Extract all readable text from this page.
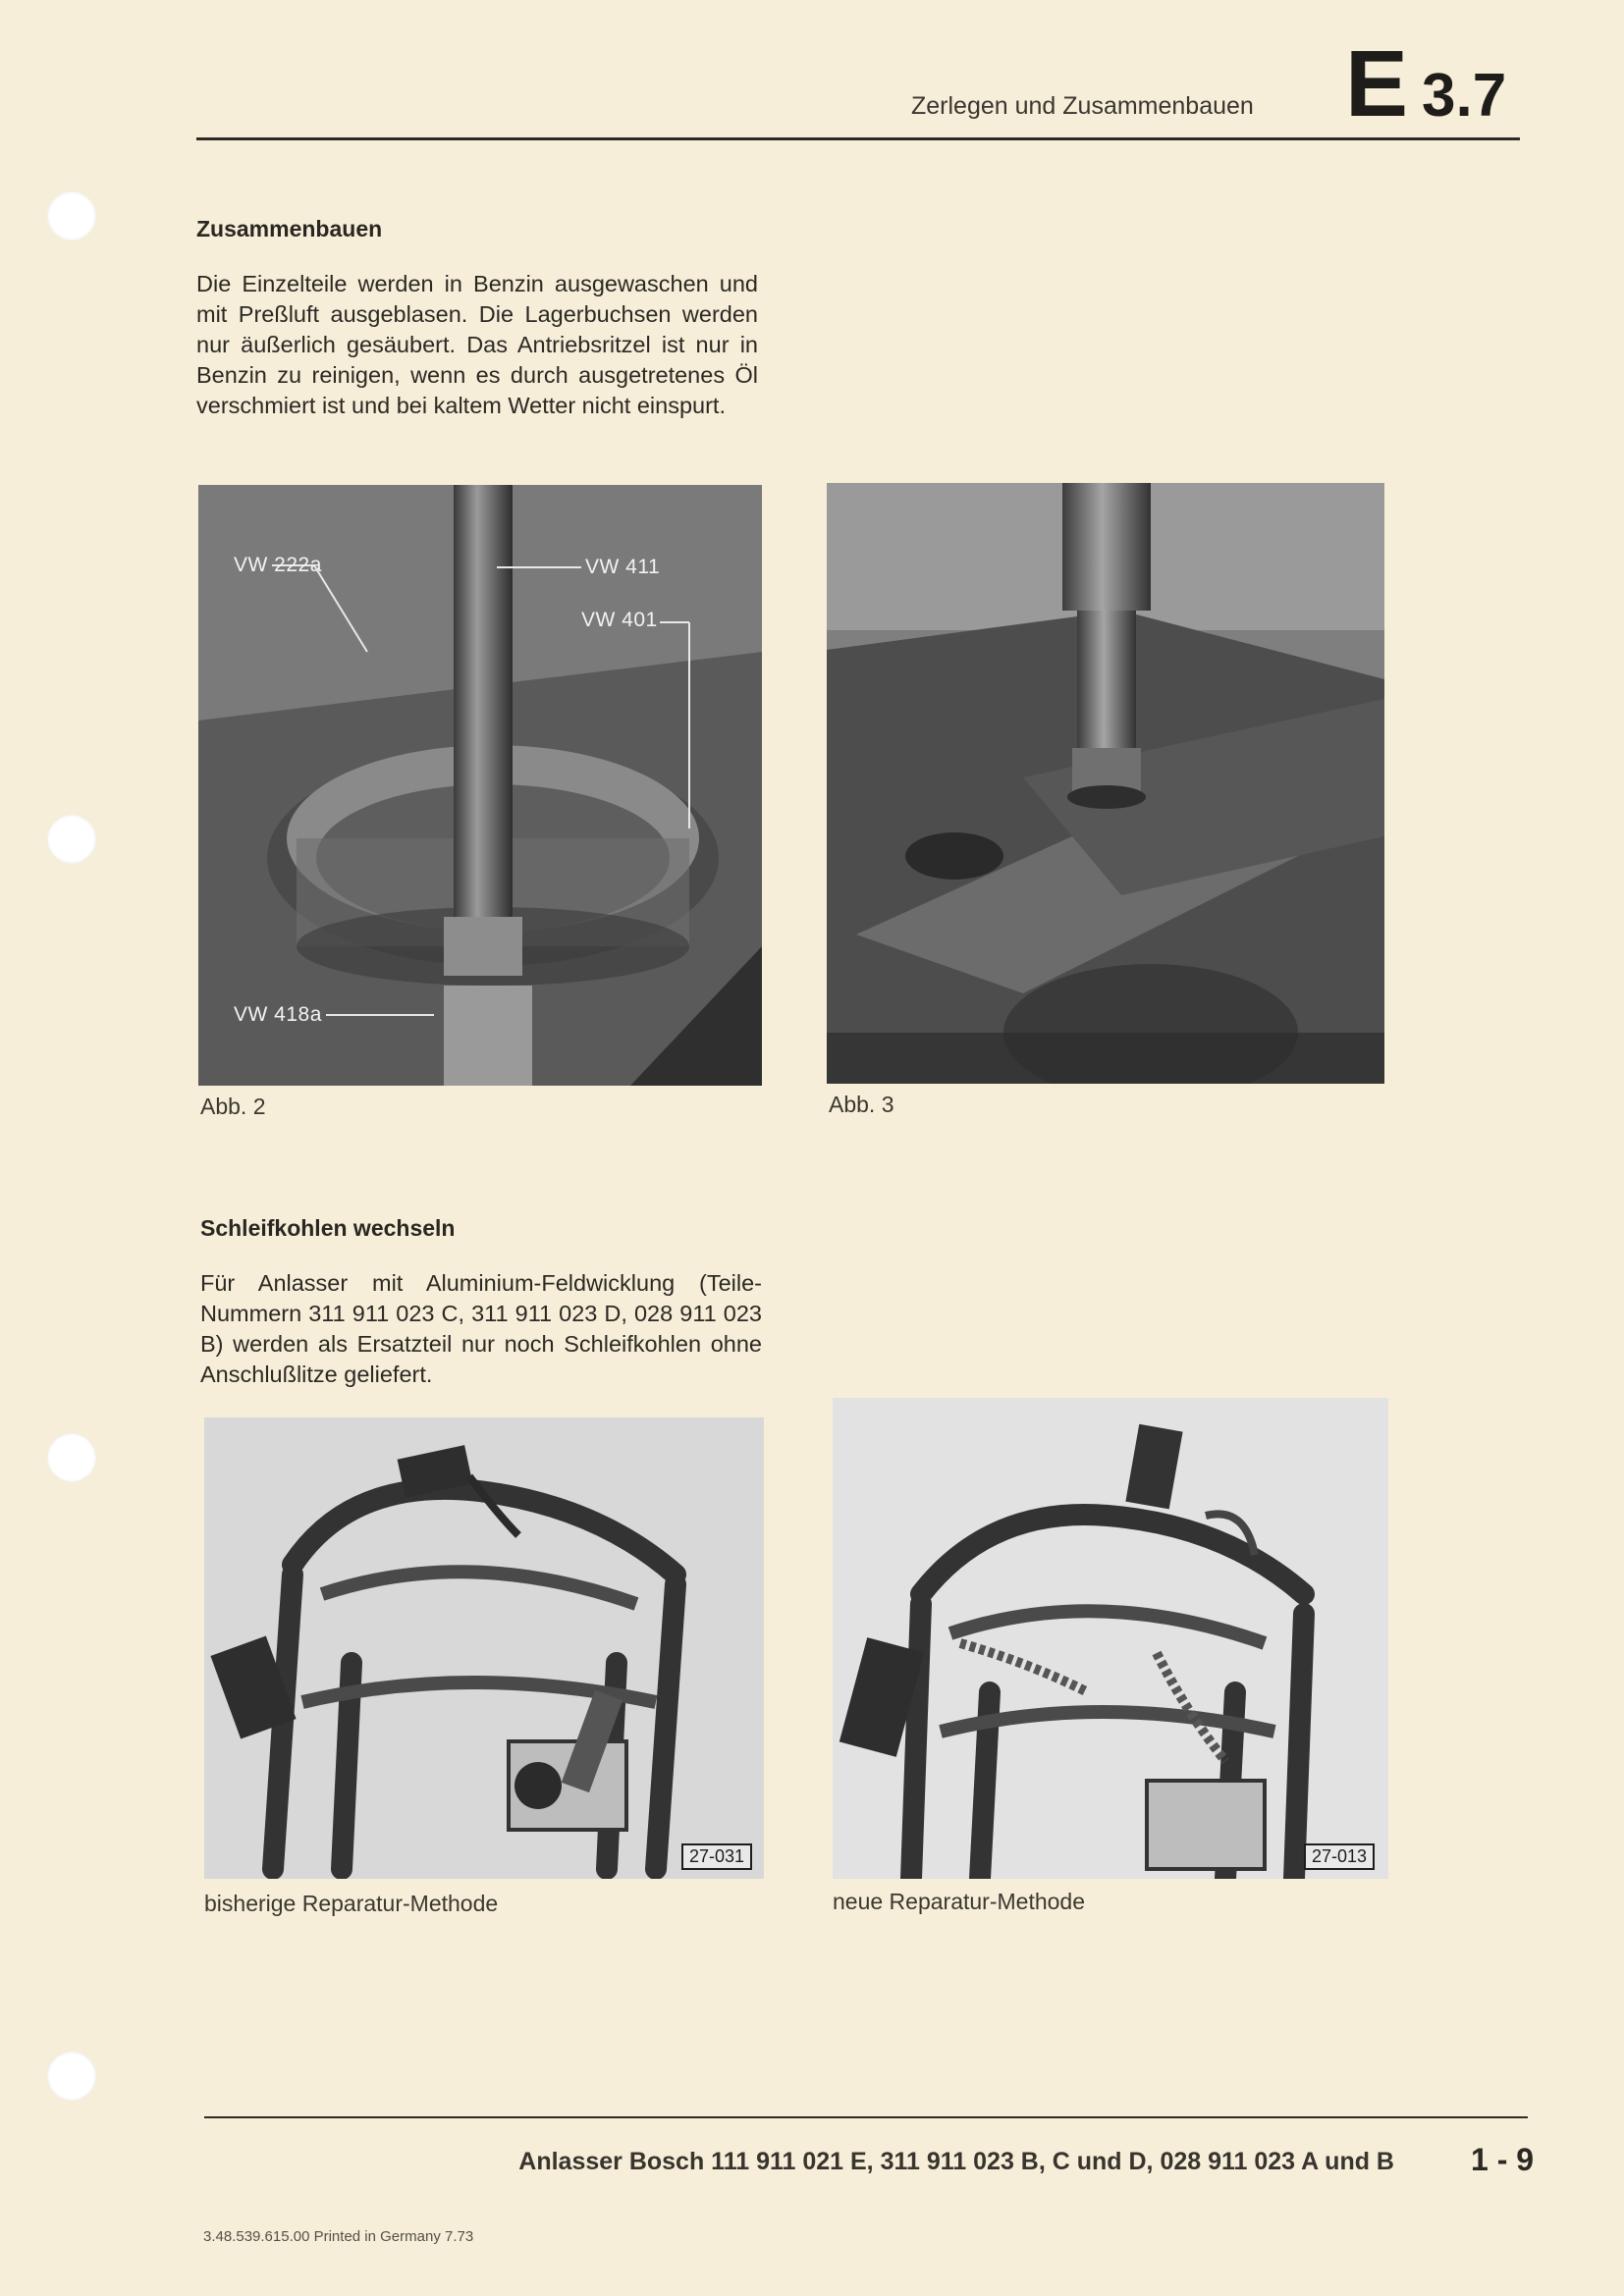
Zerlegen und Zusammenbauen E 3.7
Zusammenbauen

Die Einzelteile werden in Benzin ausgewaschen und mit Preßluft ausgeblasen. Die Lagerbuchsen werden nur äußerlich gesäubert. Das Antriebsritzel ist nur in Benzin zu reinigen, wenn es durch ausgetretenes Öl verschmiert ist und bei kaltem Wetter nicht einspurt.

VW 222a	VW 411
VW 401
VW 418a
Abb. 2	Abb. 3
Schleifkohlen wechseln

Für Anlasser mit Aluminium-Feldwicklung (Teile-Nummern 311 911 023 C, 311 911 023 D, 028 911 023 B) werden als Ersatzteil nur noch Schleifkohlen ohne Anschlußlitze geliefert.

27-031
bisherige Reparatur-Methode
27-013
neue Reparatur-Methode
Anlasser Bosch 111 911 021 E, 311 911 023 B, C und D, 028 911 023 A und B 1 - 9
3.48.539.615.00 Printed in Germany 7.73
